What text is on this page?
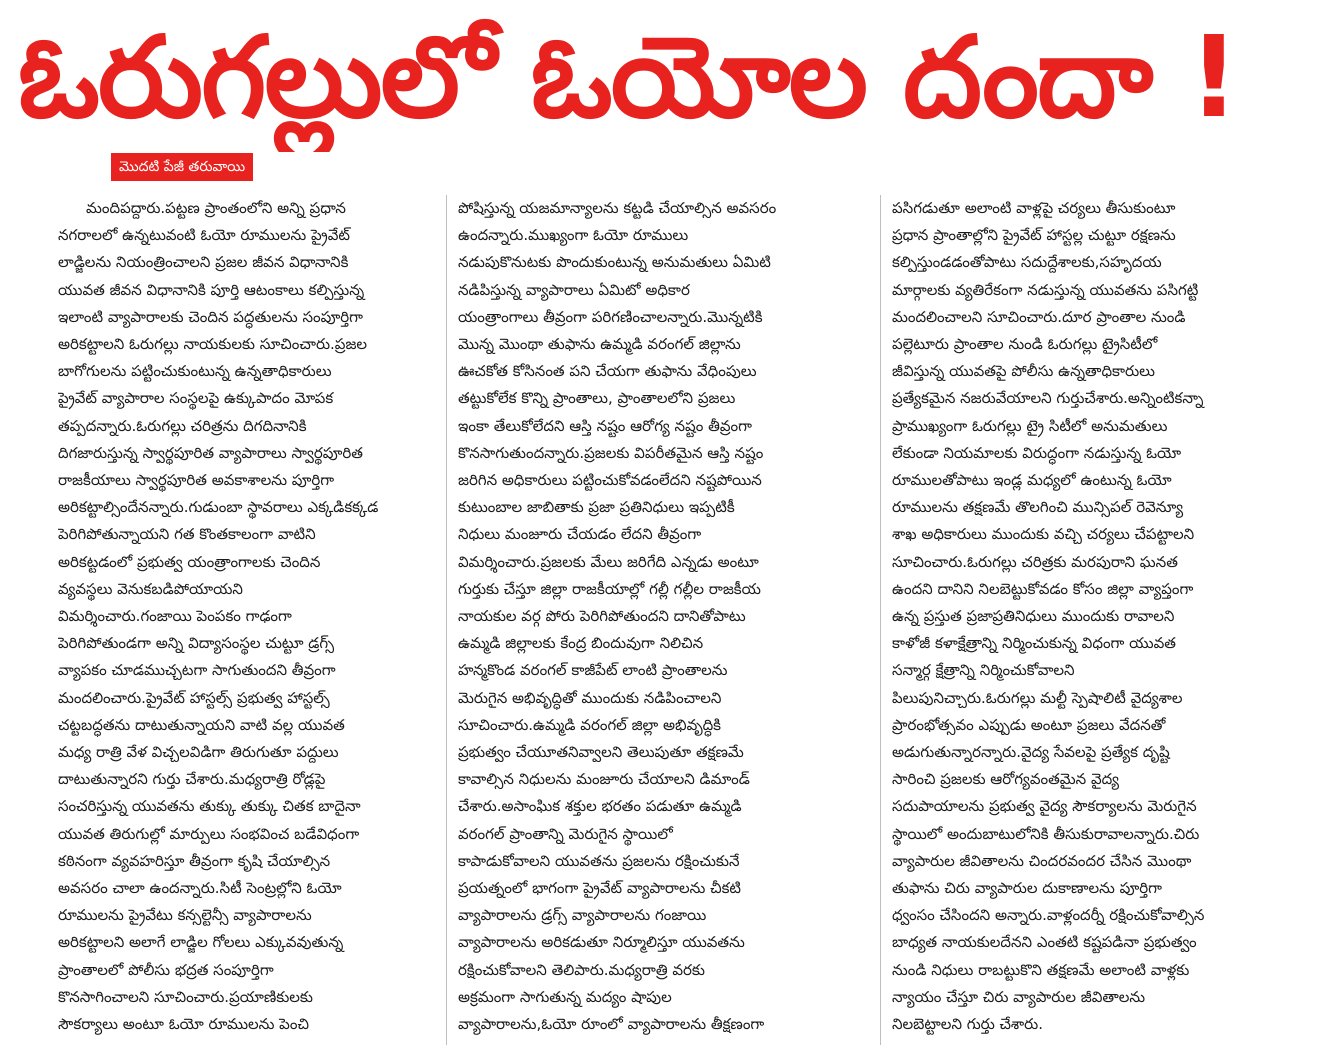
ఓరుగల్లులో ఓయోల దందా !
మొదటి పేజీ తరువాయి

మందిపద్దారు.పట్టణ ప్రాంతంలోని అన్ని ప్రధాన

నగరాలలో ఉన్నటువంటి ఓయో రూములను ప్రైవేట్

లాడ్జిలను నియంత్రించాలని ప్రజల జీవన విధానానికి

యువత జీవన విధానానికి పూర్తి ఆటంకాలు కల్పిస్తున్న

ఇలాంటి వ్యాపారాలకు చెందిన పద్ధతులను సంపూర్తిగా

అరికట్టాలని ఓరుగల్లు నాయకులకు సూచించారు.ప్రజల

బాగోగులను పట్టించుకుంటున్న ఉన్నతాధికారులు

ప్రైవేట్ వ్యాపారాల సంస్థలపై ఉక్కుపాదం మోపక

తప్పదన్నారు.ఓరుగల్లు చరిత్రను దిగదినానికి

దిగజారుస్తున్న స్వార్థపూరిత వ్యాపారాలు స్వార్థపూరిత

రాజకీయాలు స్వార్థపూరిత అవకాశాలను పూర్తిగా

అరికట్టాల్సిందేనన్నారు.గుడుంబా స్థావరాలు ఎక్కడికక్కడ

పెరిగిపోతున్నాయని గత కొంతకాలంగా వాటిని

అరికట్టడంలో ప్రభుత్వ యంత్రాంగాలకు చెందిన

వ్యవస్థలు వెనుకబడిపోయాయని

విమర్శించారు.గంజాయి పెంపకం గాఢంగా

పెరిగిపోతుండగా అన్ని విద్యాసంస్థల చుట్టూ డ్రగ్స్

వ్యాపకం చూడముచ్చటగా సాగుతుందని తీవ్రంగా

మందలించారు.ప్రైవేట్ హాస్టల్స్ ప్రభుత్వ హాస్టల్స్

చట్టబద్ధతను దాటుతున్నాయని వాటి వల్ల యువత

మధ్య రాత్రి వేళ విచ్చలవిడిగా తిరుగుతూ పద్దులు

దాటుతున్నారని గుర్తు చేశారు.మధ్యరాత్రి రోడ్లపై

సంచరిస్తున్న యువతను తుక్కు తుక్కు చితక బాదైనా

యువత తిరుగుల్లో మార్పులు సంభవించ బడేవిధంగా

కఠినంగా వ్యవహరిస్తూ తీవ్రంగా కృషి చేయాల్సిన

అవసరం చాలా ఉందన్నారు.సిటీ సెంట్రల్లోని ఓయో

రూములను ప్రైవేటు కన్సల్టెన్సీ వ్యాపారాలను

అరికట్టాలని అలాగే లాడ్జిల గోలలు ఎక్కువవుతున్న

ప్రాంతాలలో పోలీసు భద్రత సంపూర్తిగా

కొనసాగించాలని సూచించారు.ప్రయాణికులకు

సౌకర్యాలు అంటూ ఓయో రూములను పెంచి

పోషిస్తున్న యజమాన్యాలను కట్టడి చేయాల్సిన అవసరం

ఉందన్నారు.ముఖ్యంగా ఓయో రూములు

నడుపుకొనుటకు పొందుకుంటున్న అనుమతులు ఏమిటి

నడిపిస్తున్న వ్యాపారాలు ఏమిటో అధికార

యంత్రాంగాలు తీవ్రంగా పరిగణించాలన్నారు.మొన్నటికి

మొన్న మొంథా తుఫాను ఉమ్మడి వరంగల్ జిల్లాను

ఊచకోత కోసినంత పని చేయగా తుఫాను వేధింపులు

తట్టుకోలేక కొన్ని ప్రాంతాలు, ప్రాంతాలలోని ప్రజలు

ఇంకా తేలుకోలేదని ఆస్తి నష్టం ఆరోగ్య నష్టం తీవ్రంగా

కొనసాగుతుందన్నారు.ప్రజలకు విపరీతమైన ఆస్తి నష్టం

జరిగిన అధికారులు పట్టించుకోవడంలేదని నష్టపోయిన

కుటుంబాల జాబితాకు ప్రజా ప్రతినిధులు ఇప్పటికీ

నిధులు మంజూరు చేయడం లేదని తీవ్రంగా

విమర్శించారు.ప్రజలకు మేలు జరిగేది ఎన్నడు అంటూ

గుర్తుకు చేస్తూ జిల్లా రాజకీయాల్లో గల్లీ గల్లీల రాజకీయ

నాయకుల వర్గ పోరు పెరిగిపోతుందని దానితోపాటు

ఉమ్మడి జిల్లాలకు కేంద్ర బిందువుగా నిలిచిన

హన్మకొండ వరంగల్ కాజీపేట్ లాంటి ప్రాంతాలను

మెరుగైన అభివృద్ధితో ముందుకు నడిపించాలని

సూచించారు.ఉమ్మడి వరంగల్ జిల్లా అభివృద్ధికి

ప్రభుత్వం చేయూతనివ్వాలని తెలుపుతూ తక్షణమే

కావాల్సిన నిధులను మంజూరు చేయాలని డిమాండ్

చేశారు.అసాంఘిక శక్తుల భరతం పడుతూ ఉమ్మడి

వరంగల్ ప్రాంతాన్ని మెరుగైన స్థాయిలో

కాపాడుకోవాలని యువతను ప్రజలను రక్షించుకునే

ప్రయత్నంలో భాగంగా ప్రైవేట్ వ్యాపారాలను చీకటి

వ్యాపారాలను డ్రగ్స్ వ్యాపారాలను గంజాయి

వ్యాపారాలను అరికడుతూ నిర్మూలిస్తూ యువతను

రక్షించుకోవాలని తెలిపారు.మధ్యరాత్రి వరకు

అక్రమంగా సాగుతున్న మద్యం షాపుల

వ్యాపారాలను,ఓయో రూంలో వ్యాపారాలను తీక్షణంగా

పసిగడుతూ అలాంటి వాళ్లపై చర్యలు తీసుకుంటూ

ప్రధాన ప్రాంతాల్లోని ప్రైవేట్ హాస్టల్ల చుట్టూ రక్షణను

కల్పిస్తుండడంతోపాటు సదుద్దేశాలకు,సహృదయ

మార్గాలకు వ్యతిరేకంగా నడుస్తున్న యువతను పసిగట్టి

మందలించాలని సూచించారు.దూర ప్రాంతాల నుండి

పల్లెటూరు ప్రాంతాల నుండి ఓరుగల్లు ట్రైసిటీలో

జీవిస్తున్న యువతపై పోలీసు ఉన్నతాధికారులు

ప్రత్యేకమైన నజరువేయాలని గుర్తుచేశారు.అన్నింటికన్నా

ప్రాముఖ్యంగా ఓరుగల్లు ట్రై సిటీలో అనుమతులు

లేకుండా నియమాలకు విరుద్ధంగా నడుస్తున్న ఓయో

రూములతోపాటు ఇండ్ల మధ్యలో ఉంటున్న ఓయో

రూములను తక్షణమే తొలగించి మున్సిపల్ రెవెన్యూ

శాఖ అధికారులు ముందుకు వచ్చి చర్యలు చేపట్టాలని

సూచించారు.ఓరుగల్లు చరిత్రకు మరపురాని ఘనత

ఉందని దానిని నిలబెట్టుకోవడం కోసం జిల్లా వ్యాప్తంగా

ఉన్న ప్రస్తుత ప్రజాప్రతినిధులు ముందుకు రావాలని

కాళోజీ కళాక్షేత్రాన్ని నిర్మించుకున్న విధంగా యువత

సన్మార్గ క్షేత్రాన్ని నిర్మించుకోవాలని

పిలుపునిచ్చారు.ఓరుగల్లు మల్టీ స్పెషాలిటీ వైద్యశాల

ప్రారంభోత్సవం ఎప్పుడు అంటూ ప్రజలు వేదనతో

అడుగుతున్నారన్నారు.వైద్య సేవలపై ప్రత్యేక దృష్టి

సారించి ప్రజలకు ఆరోగ్యవంతమైన వైద్య

సదుపాయాలను ప్రభుత్వ వైద్య సౌకర్యాలను మెరుగైన

స్థాయిలో అందుబాటులోనికి తీసుకురావాలన్నారు.చిరు

వ్యాపారుల జీవితాలను చిందరవందర చేసిన మొంథా

తుఫాను చిరు వ్యాపారుల దుకాణాలను పూర్తిగా

ధ్వంసం చేసిందని అన్నారు.వాళ్లందర్నీ రక్షించుకోవాల్సిన

బాధ్యత నాయకులదేనని ఎంతటి కష్టపడినా ప్రభుత్వం

నుండి నిధులు రాబట్టుకొని తక్షణమే అలాంటి వాళ్లకు

న్యాయం చేస్తూ చిరు వ్యాపారుల జీవితాలను

నిలబెట్టాలని గుర్తు చేశారు.
